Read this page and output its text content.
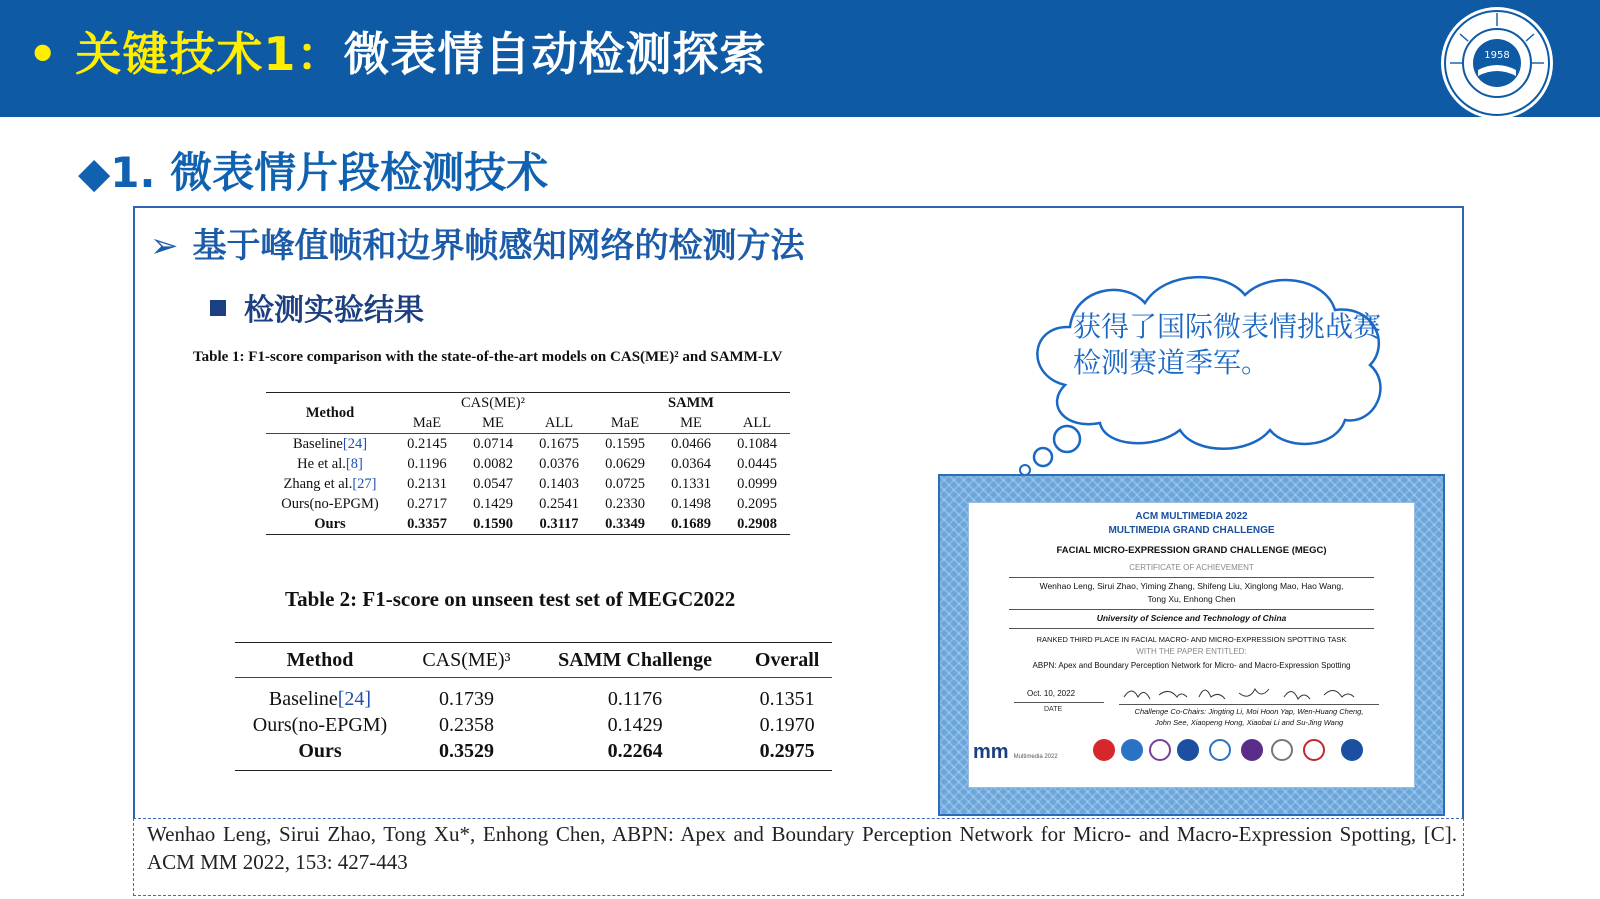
• 关键技术1：微表情自动检测探索	1958
◆1. 微表情片段检测技术
➢ 基于峰值帧和边界帧感知网络的检测方法
检测实验结果
Table 1: F1-score comparison with the state-of-the-art models on CAS(ME)² and SAMM-LV
Method	CAS(ME)²			SAMM		
	MaE	ME	ALL	MaE	ME	ALL
Baseline[24]	0.2145	0.0714	0.1675	0.1595	0.0466	0.1084
He et al.[8]	0.1196	0.0082	0.0376	0.0629	0.0364	0.0445
Zhang et al.[27]	0.2131	0.0547	0.1403	0.0725	0.1331	0.0999
Ours(no-EPGM)	0.2717	0.1429	0.2541	0.2330	0.1498	0.2095
Ours	0.3357	0.1590	0.3117	0.3349	0.1689	0.2908
Table 2: F1-score on unseen test set of MEGC2022
Method	CAS(ME)³	SAMM Challenge	Overall
Baseline[24]	0.1739	0.1176	0.1351
Ours(no-EPGM)	0.2358	0.1429	0.1970
Ours	0.3529	0.2264	0.2975
获得了国际微表情挑战赛检测赛道季军。
ACM MULTIMEDIA 2022
MULTIMEDIA GRAND CHALLENGE
FACIAL MICRO-EXPRESSION GRAND CHALLENGE (MEGC)
CERTIFICATE OF ACHIEVEMENT
Wenhao Leng, Sirui Zhao, Yiming Zhang, Shifeng Liu, Xinglong Mao, Hao Wang,
Tong Xu, Enhong Chen
University of Science and Technology of China
RANKED THIRD PLACE IN FACIAL MACRO- AND MICRO-EXPRESSION SPOTTING TASK
WITH THE PAPER ENTITLED:
ABPN: Apex and Boundary Perception Network for Micro- and Macro-Expression Spotting
Oct. 10, 2022
DATE	Challenge Co-Chairs: Jingting Li, Moi Hoon Yap, Wen-Huang Cheng,
John See, Xiaopeng Hong, Xiaobai Li and Su-Jing Wang
mm Multimedia 2022
Wenhao Leng, Sirui Zhao, Tong Xu*, Enhong Chen, ABPN: Apex and Boundary Perception Network for Micro- and Macro-Expression Spotting, [C]. ACM MM 2022, 153: 427-443
